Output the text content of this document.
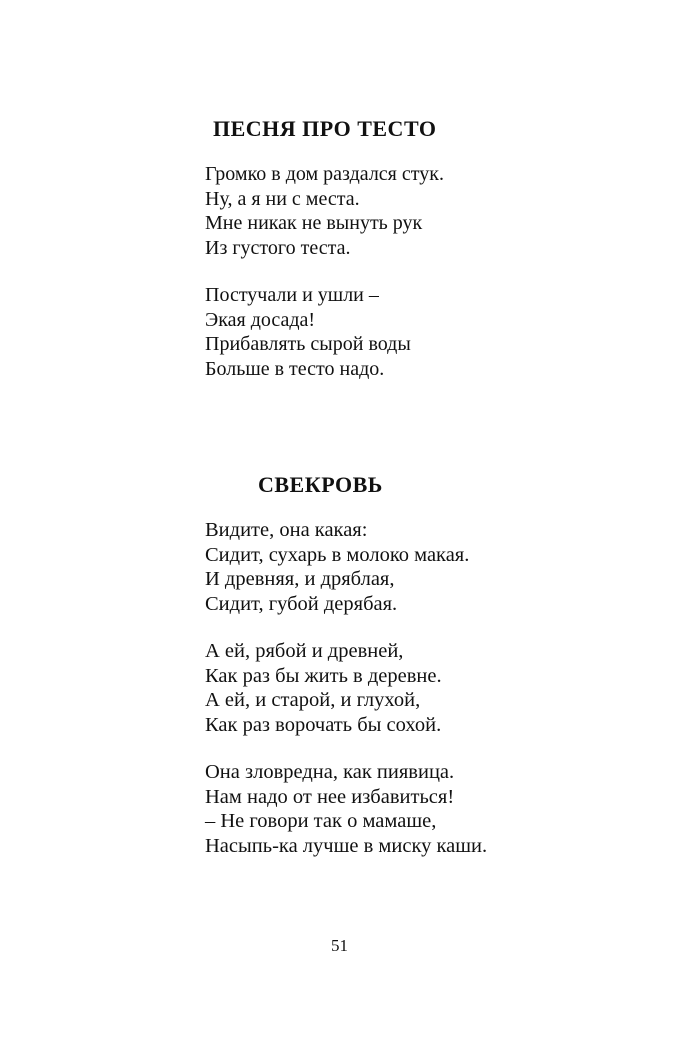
ПЕСНЯ ПРО ТЕСТО
Громко в дом раздался стук.
Ну, а я ни с места.
Мне никак не вынуть рук
Из густого теста.
Постучали и ушли –
Экая досада!
Прибавлять сырой воды
Больше в тесто надо.
СВЕКРОВЬ
Видите, она какая:
Сидит, сухарь в молоко макая.
И древняя, и дряблая,
Сидит, губой дерябая.
А ей, рябой и древней,
Как раз бы жить в деревне.
А ей, и старой, и глухой,
Как раз ворочать бы сохой.
Она зловредна, как пиявица.
Нам надо от нее избавиться!
– Не говори так о мамаше,
Насыпь-ка лучше в миску каши.
51
